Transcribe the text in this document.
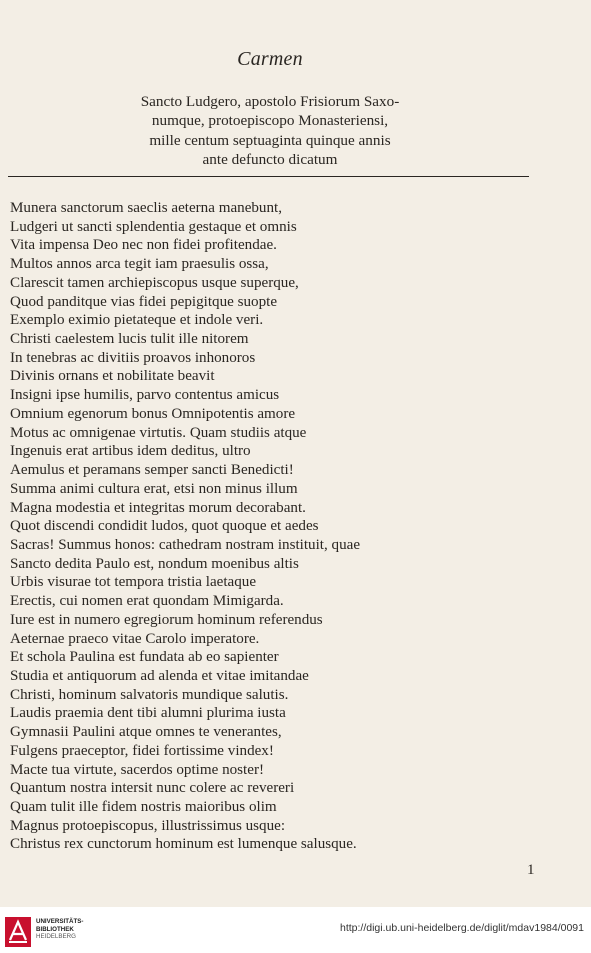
Carmen
Sancto Ludgero, apostolo Frisiorum Saxo-
numque, protoepiscopo Monasteriensi,
mille centum septuaginta quinque annis
ante defuncto dicatum
Munera sanctorum saeclis aeterna manebunt,
Ludgeri ut sancti splendentia gestaque et omnis
Vita impensa Deo nec non fidei profitendae.
Multos annos arca tegit iam praesulis ossa,
Clarescit tamen archiepiscopus usque superque,
Quod panditque vias fidei pepigitque suopte
Exemplo eximio pietateque et indole veri.
Christi caelestem lucis tulit ille nitorem
In tenebras ac divitiis proavos inhonoros
Divinis ornans et nobilitate beavit
Insigni ipse humilis, parvo contentus amicus
Omnium egenorum bonus Omnipotentis amore
Motus ac omnigenae virtutis. Quam studiis atque
Ingenuis erat artibus idem deditus, ultro
Aemulus et peramans semper sancti Benedicti!
Summa animi cultura erat, etsi non minus illum
Magna modestia et integritas morum decorabant.
Quot discendi condidit ludos, quot quoque et aedes
Sacras! Summus honos: cathedram nostram instituit, quae
Sancto dedita Paulo est, nondum moenibus altis
Urbis visurae tot tempora tristia laetaque
Erectis, cui nomen erat quondam Mimigarda.
Iure est in numero egregiorum hominum referendus
Aeternae praeco vitae Carolo imperatore.
Et schola Paulina est fundata ab eo sapienter
Studia et antiquorum ad alenda et vitae imitandae
Christi, hominum salvatoris mundique salutis.
Laudis praemia dent tibi alumni plurima iusta
Gymnasii Paulini atque omnes te venerantes,
Fulgens praeceptor, fidei fortissime vindex!
Macte tua virtute, sacerdos optime noster!
Quantum nostra intersit nunc colere ac revereri
Quam tulit ille fidem nostris maioribus olim
Magnus protoepiscopus, illustrissimus usque:
Christus rex cunctorum hominum est lumenque salusque.
1
UNIVERSITÄTS-
BIBLIOTHEK
HEIDELBERG
http://digi.ub.uni-heidelberg.de/diglit/mdav1984/0091
